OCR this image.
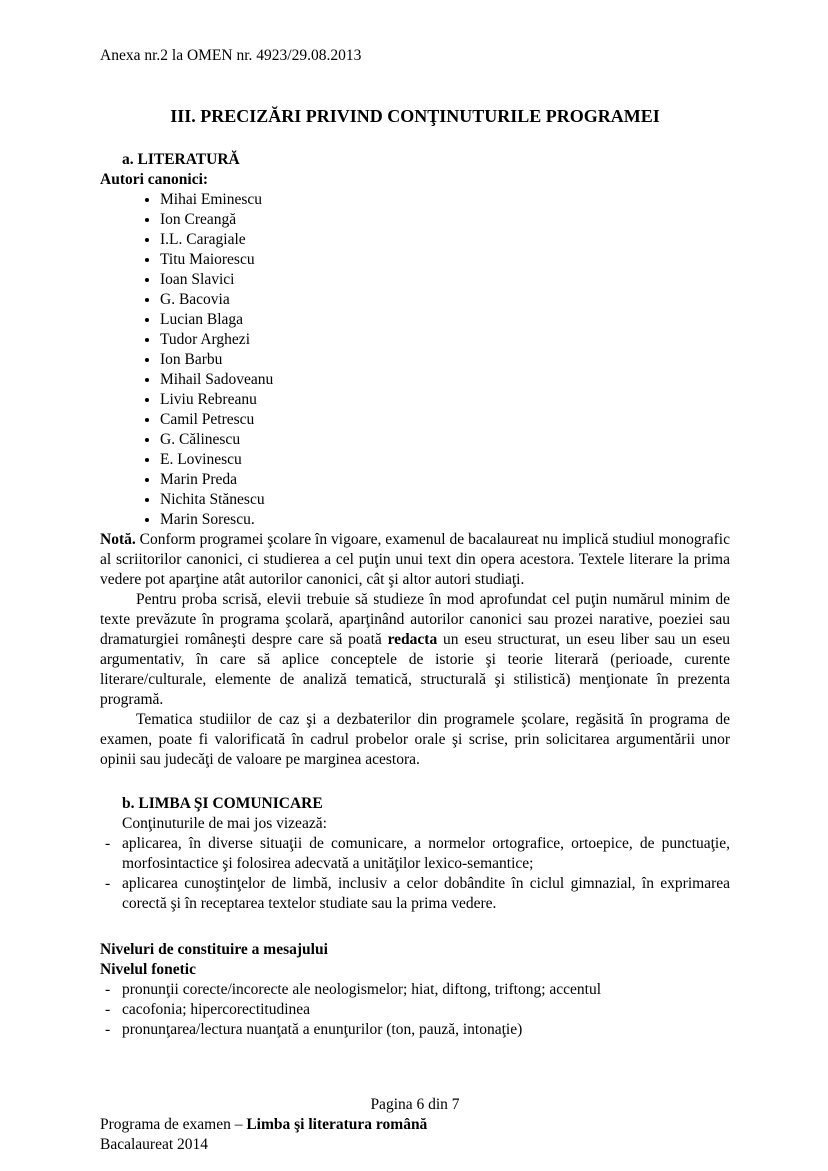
Anexa nr.2 la OMEN nr. 4923/29.08.2013
III. PRECIZĂRI PRIVIND CONŢINUTURILE PROGRAMEI
a. LITERATURĂ
Autori canonici:
• Mihai Eminescu
• Ion Creangă
• I.L. Caragiale
• Titu Maiorescu
• Ioan Slavici
• G. Bacovia
• Lucian Blaga
• Tudor Arghezi
• Ion Barbu
• Mihail Sadoveanu
• Liviu Rebreanu
• Camil Petrescu
• G. Călinescu
• E. Lovinescu
• Marin Preda
• Nichita Stănescu
• Marin Sorescu.

Notă. Conform programei şcolare în vigoare, examenul de bacalaureat nu implică studiul monografic al scriitorilor canonici, ci studierea a cel puţin unui text din opera acestora. Textele literare la prima vedere pot aparţine atât autorilor canonici, cât şi altor autori studiaţi.

Pentru proba scrisă, elevii trebuie să studieze în mod aprofundat cel puţin numărul minim de texte prevăzute în programa şcolară, aparţinând autorilor canonici sau prozei narative, poeziei sau dramaturgiei româneşti despre care să poată redacta un eseu structurat, un eseu liber sau un eseu argumentativ, în care să aplice conceptele de istorie şi teorie literară (perioade, curente literare/culturale, elemente de analiză tematică, structurală şi stilistică) menţionate în prezenta programă.

Tematica studiilor de caz şi a dezbaterilor din programele şcolare, regăsită în programa de examen, poate fi valorificată în cadrul probelor orale şi scrise, prin solicitarea argumentării unor opinii sau judecăţi de valoare pe marginea acestora.

b. LIMBA ŞI COMUNICARE
Conţinuturile de mai jos vizează:
- aplicarea, în diverse situaţii de comunicare, a normelor ortografice, ortoepice, de punctuaţie, morfosintactice şi folosirea adecvată a unităţilor lexico-semantice;
- aplicarea cunoştinţelor de limbă, inclusiv a celor dobândite în ciclul gimnazial, în exprimarea corectă şi în receptarea textelor studiate sau la prima vedere.
Niveluri de constituire a mesajului
Nivelul fonetic
- pronunţii corecte/incorecte ale neologismelor; hiat, diftong, triftong; accentul
- cacofonia; hipercorectitudinea
- pronunţarea/lectura nuanţată a enunţurilor (ton, pauză, intonaţie)
Pagina 6 din 7
Programa de examen – Limba şi literatura română
Bacalaureat 2014
